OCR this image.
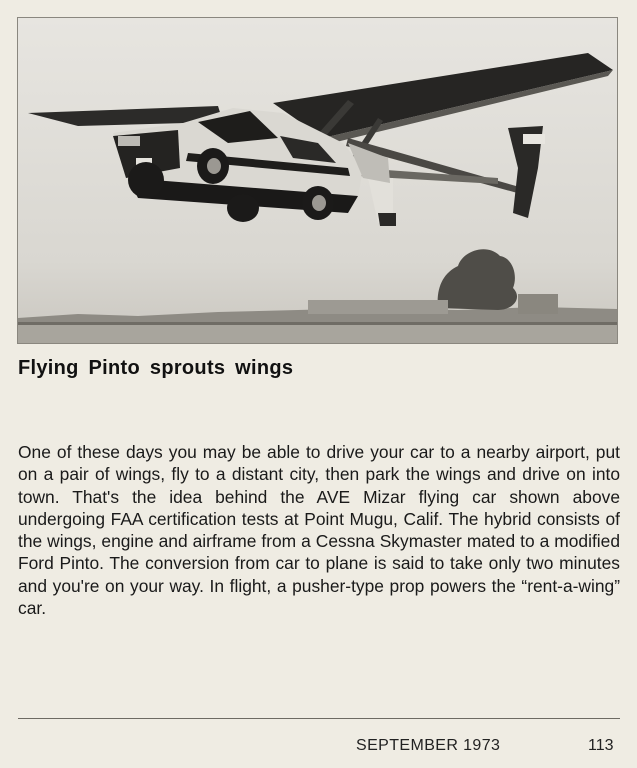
Flying Pinto sprouts wings
One of these days you may be able to drive your car to a nearby airport, put on a pair of wings, fly to a distant city, then park the wings and drive on into town. That's the idea behind the AVE Mizar flying car shown above undergoing FAA certification tests at Point Mugu, Calif. The hybrid consists of the wings, engine and airframe from a Cessna Skymaster mated to a modified Ford Pinto. The conversion from car to plane is said to take only two minutes and you're on your way. In flight, a pusher-type prop powers the “rent-a-wing” car.
SEPTEMBER 1973	113
